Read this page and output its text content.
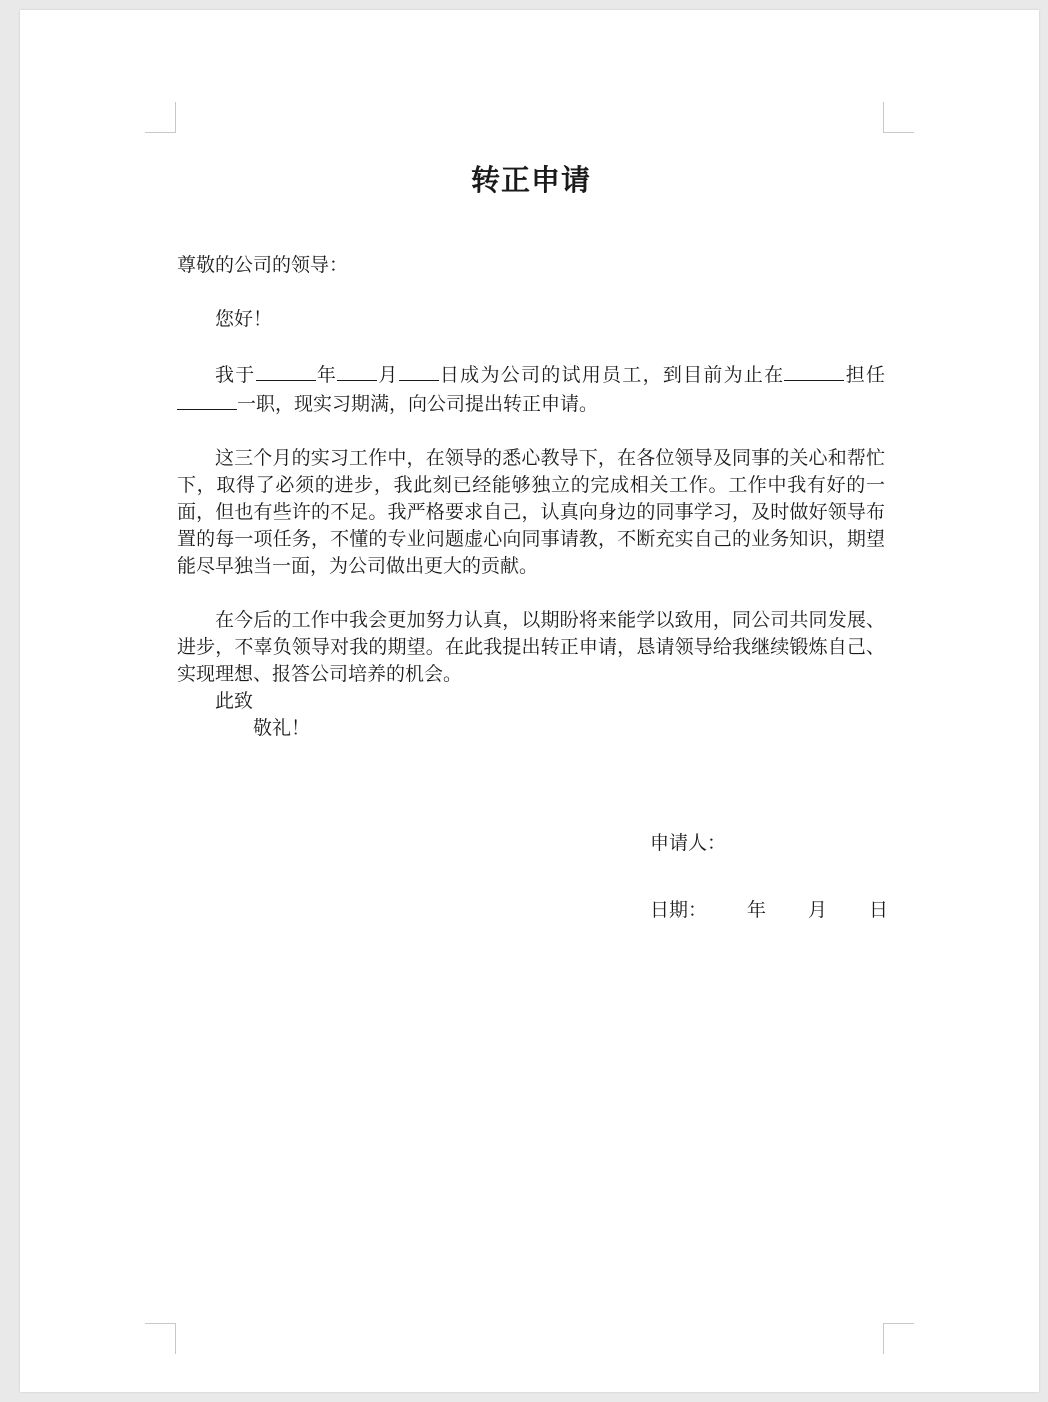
转正申请

尊敬的公司的领导：

您好！

我于	年 月 日成为公司的试用员工，到目前为止在	担任一职，现实习期满，向公司提出转正申请。

这三个月的实习工作中，在领导的悉心教导下，在各位领导及同事的关心和帮忙下，取得了必须的进步，我此刻已经能够独立的完成相关工作。工作中我有好的一面，但也有些许的不足。我严格要求自己，认真向身边的同事学习，及时做好领导布置的每一项任务，不懂的专业问题虚心向同事请教，不断充实自己的业务知识，期望能尽早独当一面，为公司做出更大的贡献。

在今后的工作中我会更加努力认真，以期盼将来能学以致用，同公司共同发展、进步，不辜负领导对我的期望。在此我提出转正申请，恳请领导给我继续锻炼自己、实现理想、报答公司培养的机会。

此致

敬礼！

申请人：
日期： 年 月 日
